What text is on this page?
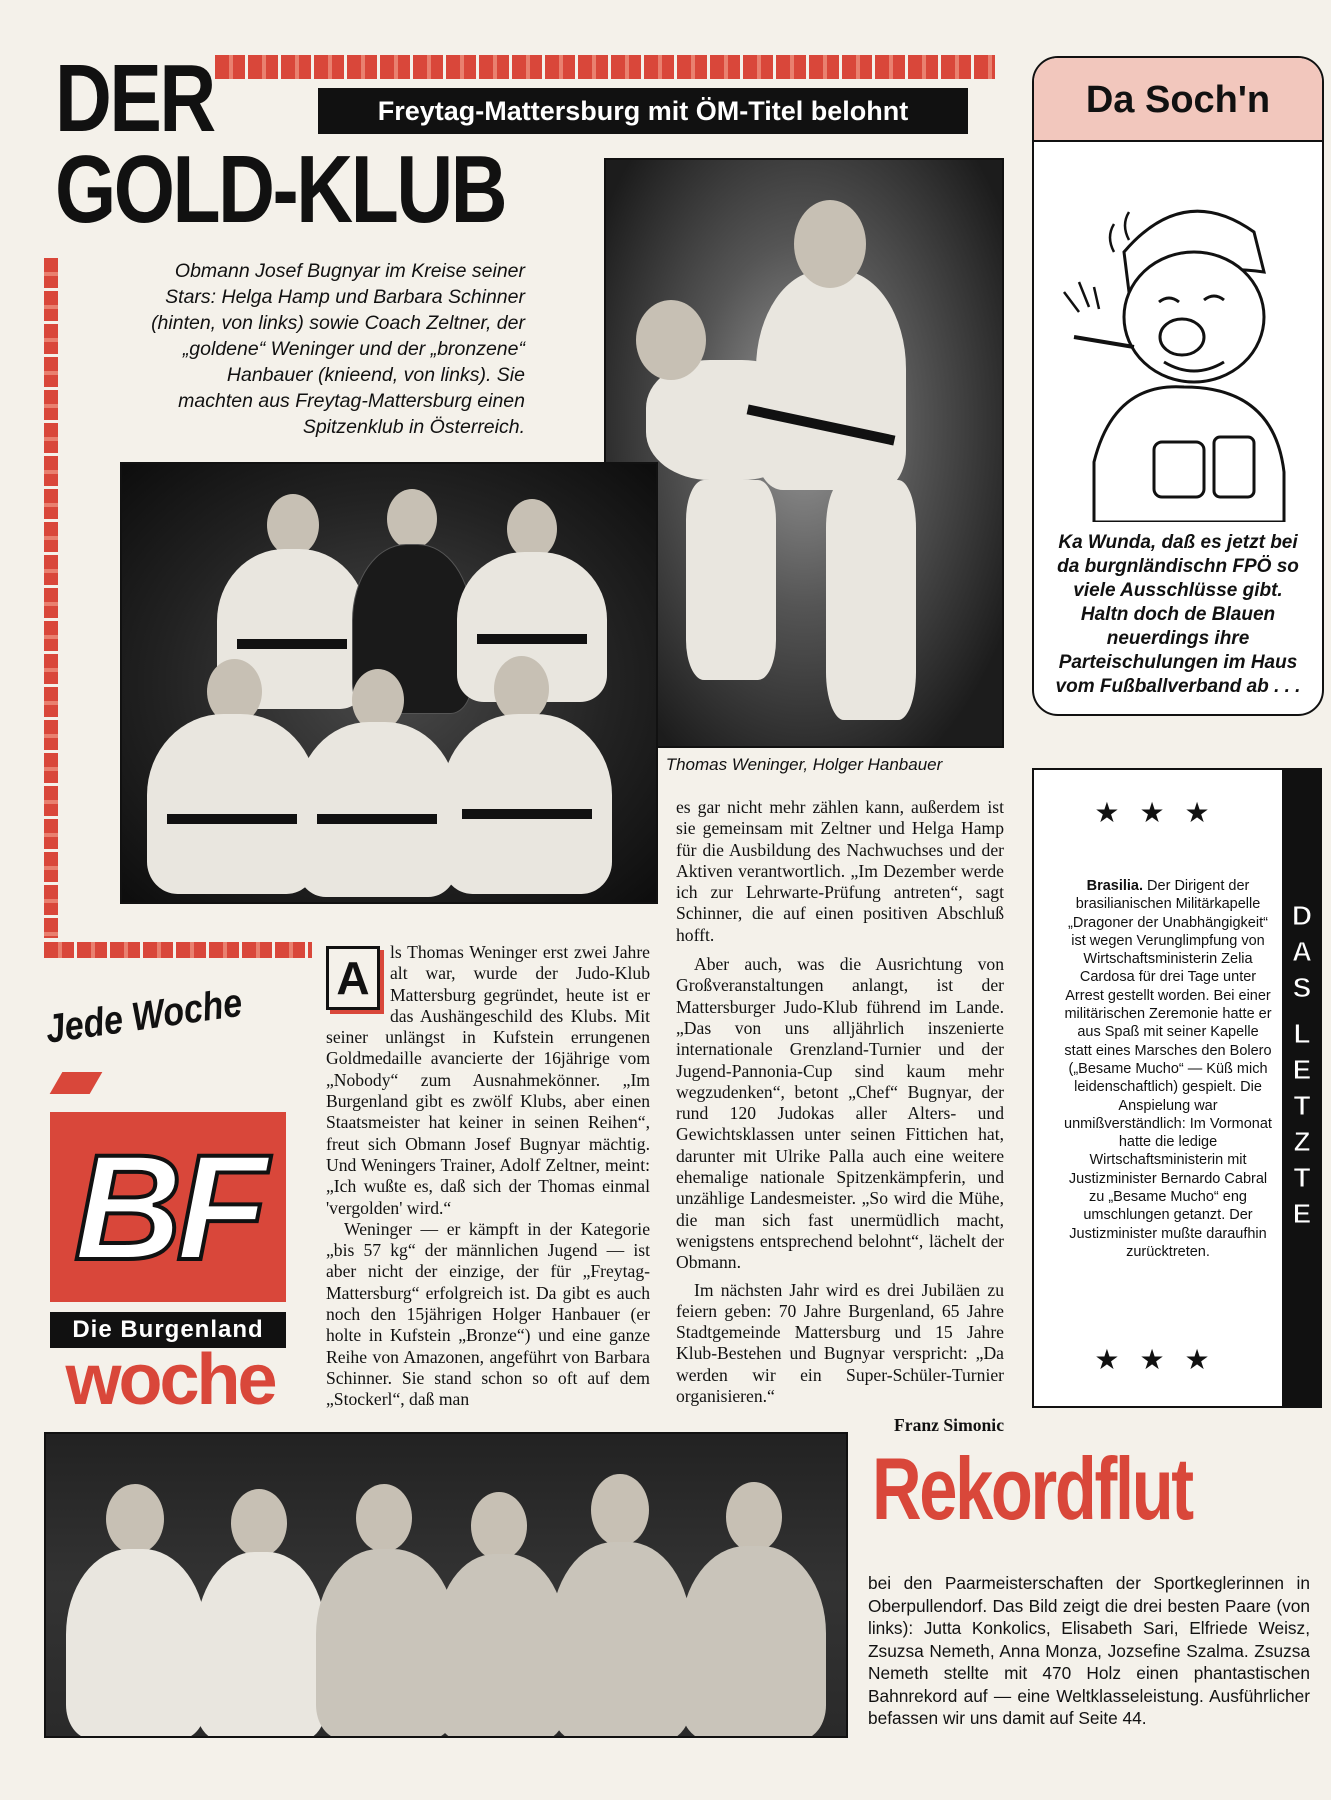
DER
GOLD-KLUB
Freytag-Mattersburg mit ÖM-Titel belohnt
Obmann Josef Bugnyar im Kreise seiner Stars: Helga Hamp und Barbara Schinner (hinten, von links) sowie Coach Zeltner, der „goldene“ Weninger und der „bronzene“ Hanbauer (knieend, von links). Sie machten aus Freytag-Mattersburg einen Spitzenklub in Österreich.
Thomas Weninger, Holger Hanbauer
Da Soch'n
Ka Wunda, daß es jetzt bei da burgnländischn FPÖ so viele Ausschlüsse gibt. Haltn doch de Blauen neuerdings ihre Parteischulungen im Haus vom Fußballverband ab . . .
★★★
Brasilia. Der Dirigent der brasilianischen Militärkapelle „Dragoner der Unabhängigkeit“ ist wegen Verunglimpfung von Wirtschaftsministerin Zelia Cardosa für drei Tage unter Arrest gestellt worden. Bei einer militärischen Zeremonie hatte er aus Spaß mit seiner Kapelle statt eines Marsches den Bolero („Besame Mucho“ — Küß mich leidenschaftlich) gespielt. Die Anspielung war unmißverständlich: Im Vormonat hatte die ledige Wirtschaftsministerin mit Justizminister Bernardo Cabral zu „Besame Mucho“ eng umschlungen getanzt. Der Justizminister mußte daraufhin zurücktreten.
★★★
D
A
S
L
E
T
Z
T
E
Jede Woche
BF
Die Burgenland
woche
A	ls Thomas Weninger erst zwei Jahre alt war, wurde der Judo-Klub Mattersburg gegründet, heute ist er das Aushängeschild des Klubs. Mit seiner unlängst in Kufstein errungenen Goldmedaille avancierte der 16jährige vom „Nobody“ zum Ausnahmekönner. „Im Burgenland gibt es zwölf Klubs, aber einen Staatsmeister hat keiner in seinen Reihen“, freut sich Obmann Josef Bugnyar mächtig. Und Weningers Trainer, Adolf Zeltner, meint: „Ich wußte es, daß sich der Thomas einmal 'vergolden' wird.“

Weninger — er kämpft in der Kategorie „bis 57 kg“ der männlichen Jugend — ist aber nicht der einzige, der für „Freytag-Mattersburg“ erfolgreich ist. Da gibt es auch noch den 15jährigen Holger Hanbauer (er holte in Kufstein „Bronze“) und eine ganze Reihe von Amazonen, angeführt von Barbara Schinner. Sie stand schon so oft auf dem „Stockerl“, daß man

es gar nicht mehr zählen kann, außerdem ist sie gemeinsam mit Zeltner und Helga Hamp für die Ausbildung des Nachwuchses und der Aktiven verantwortlich. „Im Dezember werde ich zur Lehrwarte-Prüfung antreten“, sagt Schinner, die auf einen positiven Abschluß hofft.

Aber auch, was die Ausrichtung von Großveranstaltungen anlangt, ist der Mattersburger Judo-Klub führend im Lande. „Das von uns alljährlich inszenierte internationale Grenzland-Turnier und der Jugend-Pannonia-Cup sind kaum mehr wegzudenken“, betont „Chef“ Bugnyar, der rund 120 Judokas aller Alters- und Gewichtsklassen unter seinen Fittichen hat, darunter mit Ulrike Palla auch eine weitere ehemalige nationale Spitzenkämpferin, und unzählige Landesmeister. „So wird die Mühe, die man sich fast unermüdlich macht, wenigstens entsprechend belohnt“, lächelt der Obmann.

Im nächsten Jahr wird es drei Jubiläen zu feiern geben: 70 Jahre Burgenland, 65 Jahre Stadtgemeinde Mattersburg und 15 Jahre Klub-Bestehen und Bugnyar verspricht: „Da werden wir ein Super-Schüler-Turnier organisieren.“

Franz Simonic
Rekordflut
bei den Paarmeisterschaften der Sportkeglerinnen in Oberpullendorf. Das Bild zeigt die drei besten Paare (von links): Jutta Konkolics, Elisabeth Sari, Elfriede Weisz, Zsuzsa Nemeth, Anna Monza, Jozsefine Szalma. Zsuzsa Nemeth stellte mit 470 Holz einen phantastischen Bahnrekord auf — eine Weltklasseleistung. Ausführlicher befassen wir uns damit auf Seite 44.
